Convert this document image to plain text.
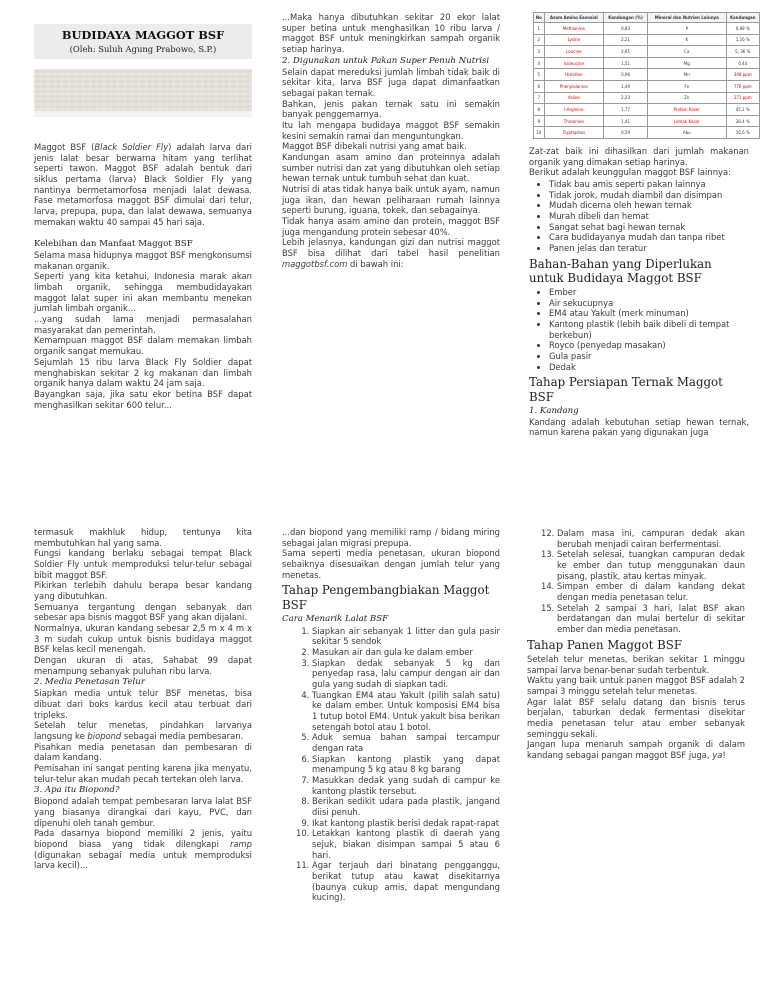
BUDIDAYA MAGGOT BSF
(Oleh: Suluh Agung Prabowo, S.P.)

Maggot BSF (Black Soldier Fly) adalah larva dari jenis lalat besar berwarna hitam yang terlihat seperti tawon. Maggot BSF adalah bentuk dari siklus pertama (larva) Black Soldier Fly yang nantinya bermetamorfosa menjadi lalat dewasa. Fase metamorfosa maggot BSF dimulai dari telur, larva, prepupa, pupa, dan lalat dewawa, semuanya memakan waktu 40 sampai 45 hari saja.

Kelebihan dan Manfaat Maggot BSF

Selama masa hidupnya maggot BSF mengkonsumsi makanan organik.

Seperti yang kita ketahui, Indonesia marak akan limbah organik, sehingga membudidayakan maggot lalat super ini akan membantu menekan jumlah limbah organik...

...yang sudah lama menjadi permasalahan masyarakat dan pemerintah.

Kemampuan maggot BSF dalam memakan limbah organik sangat memukau.

Sejumlah 15 ribu larva Black Fly Soldier dapat menghabiskan sekitar 2 kg makanan dan limbah organik hanya dalam waktu 24 jam saja.

Bayangkan saja, jika satu ekor betina BSF dapat menghasilkan sekitar 600 telur...

...Maka hanya dibutuhkan sekitar 20 ekor lalat super betina untuk menghasilkan 10 ribu larva / maggot BSF untuk meningkirkan sampah organik setiap harinya.

2. Digunakan untuk Pakan Super Penuh Nutrisi

Selain dapat mereduksi jumlah limbah tidak baik di sekitar kita, larva BSF juga dapat dimanfaatkan sebagai pakan ternak.

Bahkan, jenis pakan ternak satu ini semakin banyak penggemarnya.

Itu lah mengapa budidaya maggot BSF semakin kesini semakin ramai dan menguntungkan.

Maggot BSF dibekali nutrisi yang amat baik.

Kandungan asam amino dan proteinnya adalah sumber nutrisi dan zat yang dibutuhkan oleh setiap hewan ternak untuk tumbuh sehat dan kuat.

Nutrisi di atas tidak hanya baik untuk ayam, namun juga ikan, dan hewan peliharaan rumah lainnya seperti burung, iguana, tokek, dan sebagainya.

Tidak hanya asam amino dan protein, maggot BSF juga mengandung protein sebesar 40%.

Lebih jelasnya, kandungan gizi dan nutrisi maggot BSF bisa dilihat dari tabel hasil penelitian maggotbsf.com di bawah ini:

No	Asam Amino Esensial	Kandungan (%)	Mineral dan Nutrien Lainnya	Kandungan
1	Methionine	0,83	P	0,88 %
2	Lysine	2,21	K	1,16 %
3	Leucine	2,61	Ca	5, 36 %
4	Isoleucine	1,51	Mg	0,44
5	Histidine	0,96	Mn	348 ppm
6	Phenylalanine	1,49	Fe	776 ppm
7	Valine	2,23	Zn	271 ppm
8	I-Arginine	1,77	Protein Kasar	45,2 %
9	Threonine	1,41	Lemak Kasar	28,4 %
10	Tryptophan	0,59	Abu	16,6 %

Zat-zat baik ini dihasilkan dari jumlah makanan organik yang dimakan setiap harinya.

Berikut adalah keunggulan maggot BSF lainnya:

• Tidak bau amis seperti pakan lainnya
• Tidak jorok, mudah diambil dan disimpan
• Mudah dicerna oleh hewan ternak
• Murah dibeli dan hemat
• Sangat sehat bagi hewan ternak
• Cara budidayanya mudah dan tanpa ribet
• Panen jelas dan teratur
Bahan-Bahan yang Diperlukan untuk Budidaya Maggot BSF
• Ember
• Air sekucupnya
• EM4 atau Yakult (merk minuman)
• Kantong plastik (lebih baik dibeli di tempat berkebun)
• Royco (penyedap masakan)
• Gula pasir
• Dedak
Tahap Persiapan Ternak Maggot BSF
1. Kandang

Kandang adalah kebutuhan setiap hewan ternak, namun karena pakan yang digunakan juga

termasuk makhluk hidup, tentunya kita membutuhkan hal yang sama.

Fungsi kandang berlaku sebagai tempat Black Soldier Fly untuk memproduksi telur-telur sebagai bibit maggot BSF.

Pikirkan terlebih dahulu berapa besar kandang yang dibutuhkan.

Semuanya tergantung dengan sebanyak dan sebesar apa bisnis maggot BSF yang akan dijalani.

Normalnya, ukuran kandang sebesar 2,5 m x 4 m x 3 m sudah cukup untuk bisnis budidaya maggot BSF kelas kecil menengah.

Dengan ukuran di atas, Sahabat 99 dapat menampung sebanyak puluhan ribu larva.

2. Media Penetasan Telur

Siapkan media untuk telur BSF menetas, bisa dibuat dari boks kardus kecil atau terbuat dari tripleks.

Setelah telur menetas, pindahkan larvanya langsung ke biopond sebagai media pembesaran.

Pisahkan media penetasan dan pembesaran di dalam kandang.

Pemisahan ini sangat penting karena jika menyatu, telur-telur akan mudah pecah tertekan oleh larva.

3. Apa itu Biopond?

Biopond adalah tempat pembesaran larva lalat BSF yang biasanya dirangkai dari kayu, PVC, dan dipenuhi oleh tanah gembur.

Pada dasarnya biopond memiliki 2 jenis, yaitu biopond biasa yang tidak dilengkapi ramp (digunakan sebagai media untuk memproduksi larva kecil)...

...dan biopond yang memiliki ramp / bidang miring sebagai jalan migrasi prepupa.

Sama seperti media penetasan, ukuran biopond sebaiknya disesuaikan dengan jumlah telur yang menetas.

Tahap Pengembangbiakan Maggot BSF
Cara Menarik Lalat BSF
1. Siapkan air sebanyak 1 litter dan gula pasir sekitar 5 sendok
2. Masukan air dan gula ke dalam ember
3. Siapkan dedak sebanyak 5 kg dan penyedap rasa, lalu campur dengan air dan gula yang sudah di siapkan tadi.
4. Tuangkan EM4 atau Yakult (pilih salah satu) ke dalam ember. Untuk komposisi EM4 bisa 1 tutup botol EM4. Untuk yakult bisa berikan setengah botol atau 1 botol.
5. Aduk semua bahan sampai tercampur dengan rata
6. Siapkan kantong plastik yang dapat menampung 5 kg atau 8 kg barang
7. Masukkan dedak yang sudah di campur ke kantong plastik tersebut.
8. Berikan sedikit udara pada plastik, jangand diisi penuh.
9. Ikat kantong plastik berisi dedak rapat-rapat
10. Letakkan kantong plastik di daerah yang sejuk, biakan disimpan sampai 5 atau 6 hari.
11. Agar terjauh dari binatang pengganggu, berikat tutup atau kawat disekitarnya (baunya cukup amis, dapat mengundang kucing).
12. Dalam masa ini, campuran dedak akan berubah menjadi cairan berfermentasi.
13. Setelah selesai, tuangkan campuran dedak ke ember dan tutup menggunakan daun pisang, plastik, atau kertas minyak.
14. Simpan ember di dalam kandang dekat dengan media penetasan telur.
15. Setelah 2 sampai 3 hari, lalat BSF akan berdatangan dan mulai bertelur di sekitar ember dan media penetasan.
Tahap Panen Maggot BSF

Setelah telur menetas, berikan sekitar 1 minggu sampai larva benar-benar sudah terbentuk.

Waktu yang baik untuk panen maggot BSF adalah 2 sampai 3 minggu setelah telur menetas.

Agar lalat BSF selalu datang dan bisnis terus berjalan, taburkan dedak fermentasi disekitar media penetasan telur atau ember sebanyak seminggu sekali.

Jangan lupa menaruh sampah organik di dalam kandang sebagai pangan maggot BSF juga, ya!
